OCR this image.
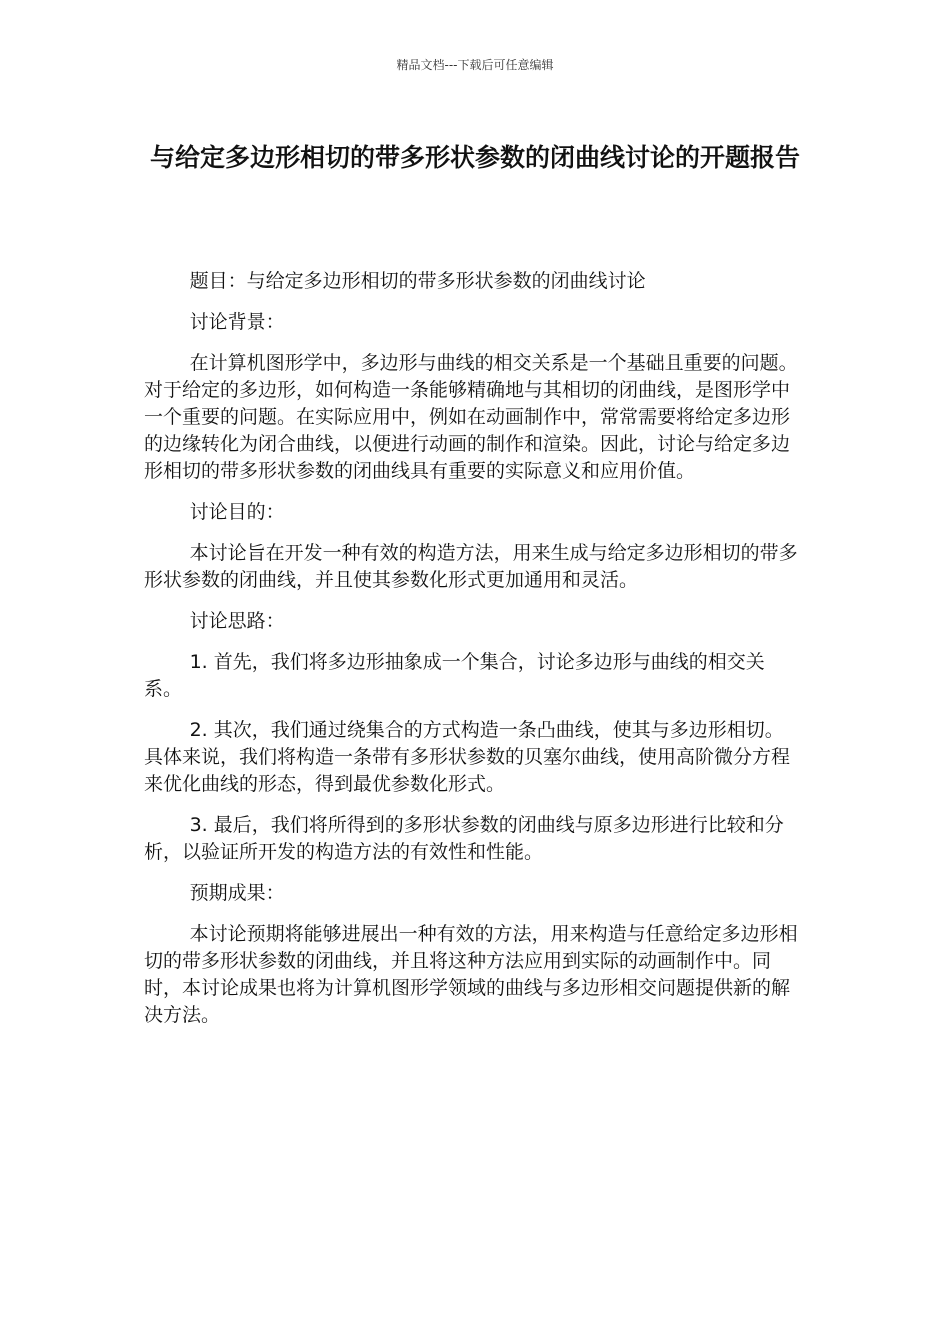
精品文档---下载后可任意编辑
与给定多边形相切的带多形状参数的闭曲线讨论的开题报告

题目：与给定多边形相切的带多形状参数的闭曲线讨论

讨论背景：

在计算机图形学中，多边形与曲线的相交关系是一个基础且重要的问题。对于给定的多边形，如何构造一条能够精确地与其相切的闭曲线，是图形学中一个重要的问题。在实际应用中，例如在动画制作中，常常需要将给定多边形的边缘转化为闭合曲线，以便进行动画的制作和渲染。因此，讨论与给定多边形相切的带多形状参数的闭曲线具有重要的实际意义和应用价值。

讨论目的：

本讨论旨在开发一种有效的构造方法，用来生成与给定多边形相切的带多形状参数的闭曲线，并且使其参数化形式更加通用和灵活。

讨论思路：

1. 首先，我们将多边形抽象成一个集合，讨论多边形与曲线的相交关系。

2. 其次，我们通过绕集合的方式构造一条凸曲线，使其与多边形相切。具体来说，我们将构造一条带有多形状参数的贝塞尔曲线，使用高阶微分方程来优化曲线的形态，得到最优参数化形式。

3. 最后，我们将所得到的多形状参数的闭曲线与原多边形进行比较和分析，以验证所开发的构造方法的有效性和性能。

预期成果：

本讨论预期将能够进展出一种有效的方法，用来构造与任意给定多边形相切的带多形状参数的闭曲线，并且将这种方法应用到实际的动画制作中。同时，本讨论成果也将为计算机图形学领域的曲线与多边形相交问题提供新的解决方法。
